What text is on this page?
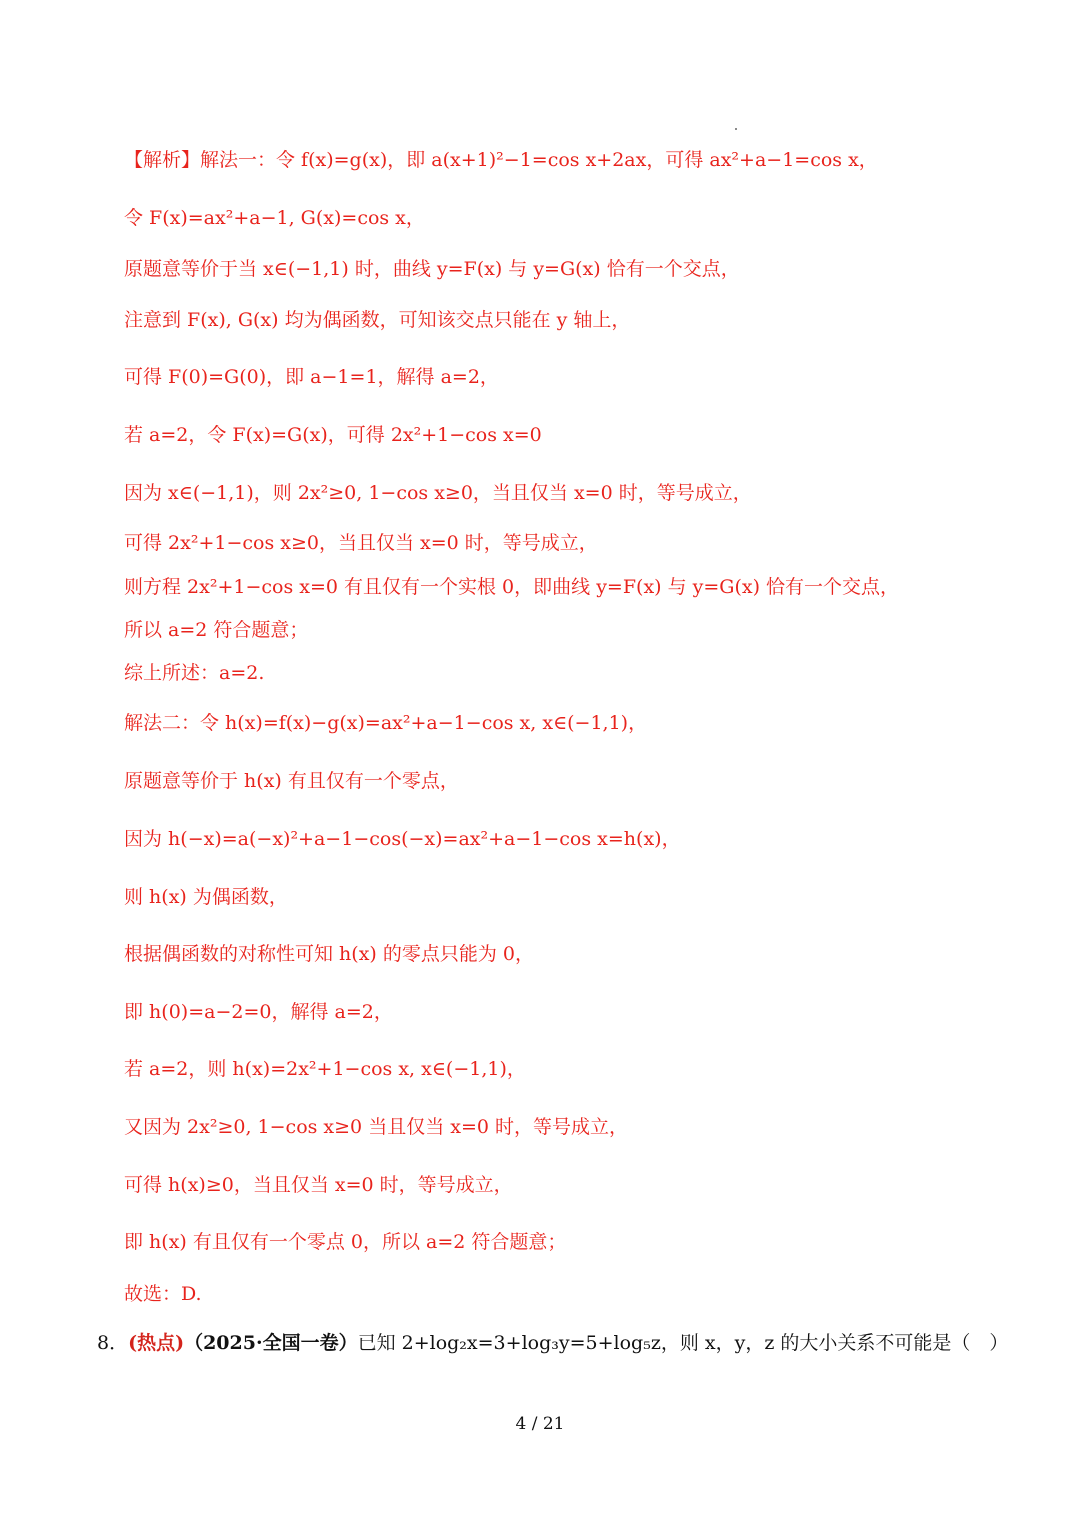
【解析】解法一：令 f(x)=g(x)，即 a(x+1)²−1=cos x+2ax，可得 ax²+a−1=cos x，
令 F(x)=ax²+a−1, G(x)=cos x，
原题意等价于当 x∈(−1,1) 时，曲线 y=F(x) 与 y=G(x) 恰有一个交点，
注意到 F(x), G(x) 均为偶函数，可知该交点只能在 y 轴上，
可得 F(0)=G(0)，即 a−1=1，解得 a=2，
若 a=2，令 F(x)=G(x)，可得 2x²+1−cos x=0
因为 x∈(−1,1)，则 2x²≥0, 1−cos x≥0，当且仅当 x=0 时，等号成立，
可得 2x²+1−cos x≥0，当且仅当 x=0 时，等号成立，
则方程 2x²+1−cos x=0 有且仅有一个实根 0，即曲线 y=F(x) 与 y=G(x) 恰有一个交点，
所以 a=2 符合题意；
综上所述：a=2.
解法二：令 h(x)=f(x)−g(x)=ax²+a−1−cos x, x∈(−1,1)，
原题意等价于 h(x) 有且仅有一个零点，
因为 h(−x)=a(−x)²+a−1−cos(−x)=ax²+a−1−cos x=h(x)，
则 h(x) 为偶函数，
根据偶函数的对称性可知 h(x) 的零点只能为 0，
即 h(0)=a−2=0，解得 a=2，
若 a=2，则 h(x)=2x²+1−cos x, x∈(−1,1)，
又因为 2x²≥0, 1−cos x≥0 当且仅当 x=0 时，等号成立，
可得 h(x)≥0，当且仅当 x=0 时，等号成立，
即 h(x) 有且仅有一个零点 0，所以 a=2 符合题意；
故选：D.
8．(热点)（2025·全国一卷）已知 2+log₂x=3+log₃y=5+log₅z，则 x，y，z 的大小关系不可能是（　）
4 / 21
